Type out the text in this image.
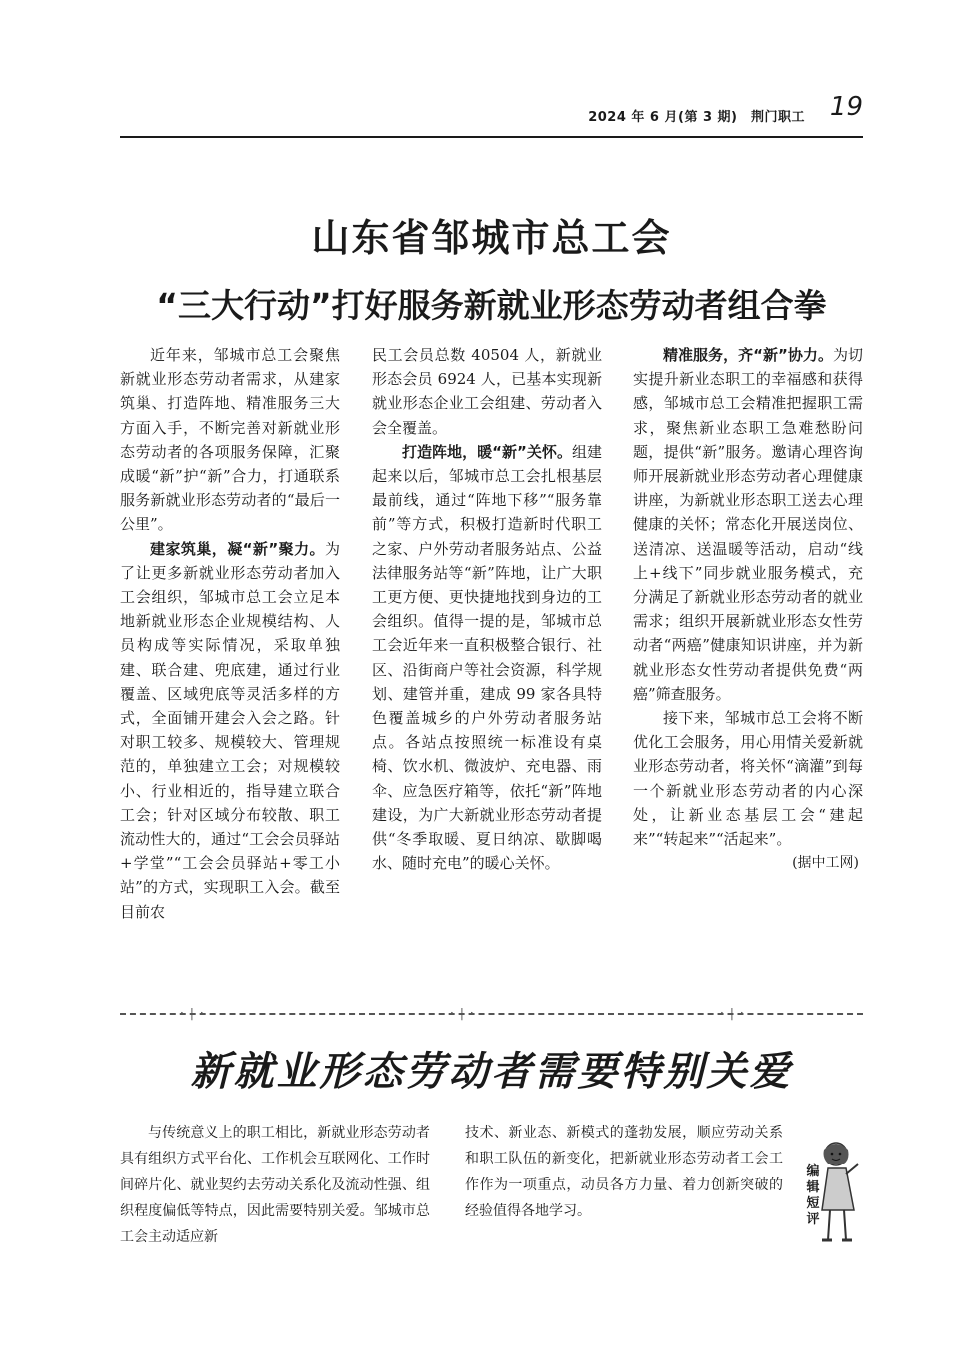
2024 年 6 月(第 3 期)　荆门职工 19
山东省邹城市总工会
“三大行动”打好服务新就业形态劳动者组合拳

近年来，邹城市总工会聚焦新就业形态劳动者需求，从建家筑巢、打造阵地、精准服务三大方面入手，不断完善对新就业形态劳动者的各项服务保障，汇聚成暖“新”护“新”合力，打通联系服务新就业形态劳动者的“最后一公里”。

建家筑巢，凝“新”聚力。为了让更多新就业形态劳动者加入工会组织，邹城市总工会立足本地新就业形态企业规模结构、人员构成等实际情况，采取单独建、联合建、兜底建，通过行业覆盖、区域兜底等灵活多样的方式，全面铺开建会入会之路。针对职工较多、规模较大、管理规范的，单独建立工会；对规模较小、行业相近的，指导建立联合工会；针对区域分布较散、职工流动性大的，通过“工会会员驿站+学堂”“工会会员驿站+零工小站”的方式，实现职工入会。截至目前农

民工会员总数 40504 人，新就业形态会员 6924 人，已基本实现新就业形态企业工会组建、劳动者入会全覆盖。

打造阵地，暖“新”关怀。组建起来以后，邹城市总工会扎根基层最前线，通过“阵地下移”“服务靠前”等方式，积极打造新时代职工之家、户外劳动者服务站点、公益法律服务站等“新”阵地，让广大职工更方便、更快捷地找到身边的工会组织。值得一提的是，邹城市总工会近年来一直积极整合银行、社区、沿街商户等社会资源，科学规划、建管并重，建成 99 家各具特色覆盖城乡的户外劳动者服务站点。各站点按照统一标准设有桌椅、饮水机、微波炉、充电器、雨伞、应急医疗箱等，依托“新”阵地建设，为广大新就业形态劳动者提供“冬季取暖、夏日纳凉、歇脚喝水、随时充电”的暖心关怀。

精准服务，齐“新”协力。为切实提升新业态职工的幸福感和获得感，邹城市总工会精准把握职工需求，聚焦新业态职工急难愁盼问题，提供“新”服务。邀请心理咨询师开展新就业形态劳动者心理健康讲座，为新就业形态职工送去心理健康的关怀；常态化开展送岗位、送清凉、送温暖等活动，启动“线上+线下”同步就业服务模式，充分满足了新就业形态劳动者的就业需求；组织开展新就业形态女性劳动者“两癌”健康知识讲座，并为新就业形态女性劳动者提供免费“两癌”筛查服务。

接下来，邹城市总工会将不断优化工会服务，用心用情关爱新就业形态劳动者，将关怀“滴灌”到每一个新就业形态劳动者的内心深处，让新业态基层工会“建起来”“转起来”“活起来”。

(据中工网)
·|·	·|·	·|·
新就业形态劳动者需要特别关爱

与传统意义上的职工相比，新就业形态劳动者具有组织方式平台化、工作机会互联网化、工作时间碎片化、就业契约去劳动关系化及流动性强、组织程度偏低等特点，因此需要特别关爱。邹城市总工会主动适应新

技术、新业态、新模式的蓬勃发展，顺应劳动关系和职工队伍的新变化，把新就业形态劳动者工会工作作为一项重点，动员各方力量、着力创新突破的经验值得各地学习。

编辑短评
